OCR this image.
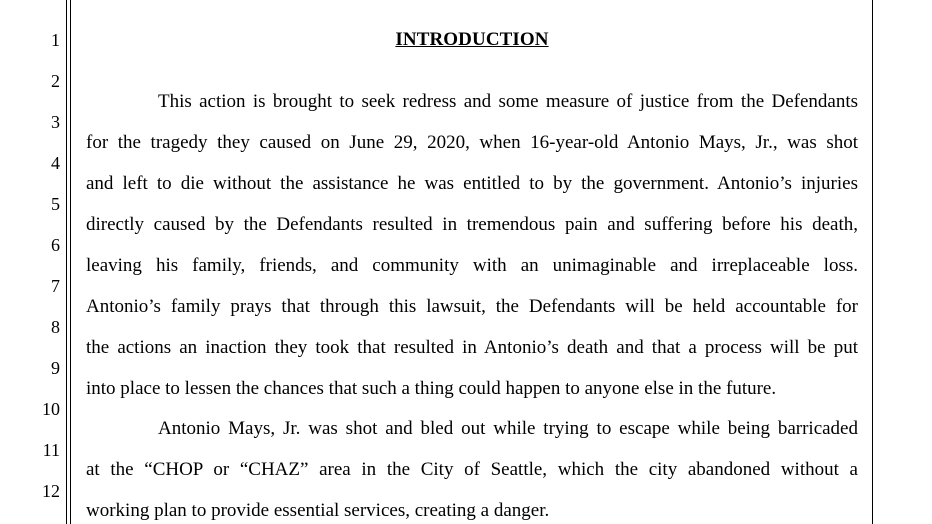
1
2
3
4
5
6
7
8
9
10
11
12
INTRODUCTION
This action is brought to seek redress and some measure of justice from the Defendants
for the tragedy they caused on June 29, 2020, when 16-year-old Antonio Mays, Jr., was shot
and left to die without the assistance he was entitled to by the government. Antonio’s injuries
directly caused by the Defendants resulted in tremendous pain and suffering before his death,
leaving his family, friends, and community with an unimaginable and irreplaceable loss.
Antonio’s family prays that through this lawsuit, the Defendants will be held accountable for
the actions an inaction they took that resulted in Antonio’s death and that a process will be put
into place to lessen the chances that such a thing could happen to anyone else in the future.
Antonio Mays, Jr. was shot and bled out while trying to escape while being barricaded
at the “CHOP or “CHAZ” area in the City of Seattle, which the city abandoned without a
working plan to provide essential services, creating a danger.
